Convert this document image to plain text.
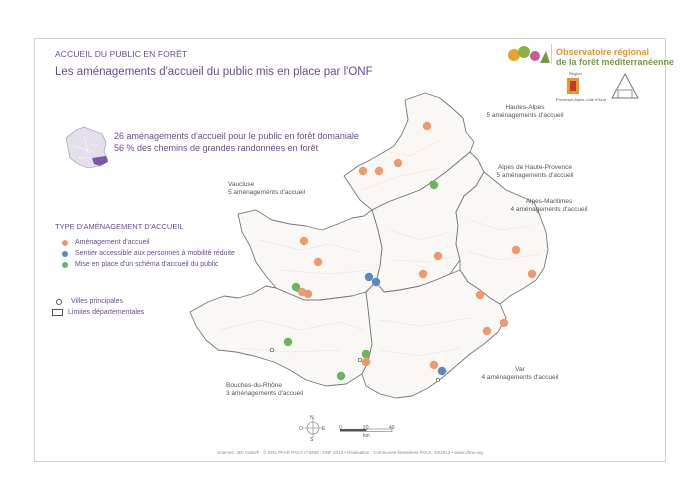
ACCUEIL DU PUBLIC EN FORÊT
Les aménagements d'accueil du public mis en place par l'ONF
Observatoire régional
de la forêt méditerranéenne
Région
Provence-Alpes-Côte d'Azur
26 aménagements d'accueil pour le public en forêt domaniale
56 % des chemins de grandes randonnées en forêt
TYPE D'AMÉNAGEMENT D'ACCUEIL
Aménagement d'accueil
Sentier accessible aux personnes à mobilité réduite
Mise en place d'un schéma d'accueil du public
Villes principales
Limites départementales
N
O	E
S
0	20	40
km
Hautes-Alpes
5 aménagements d'accueil
Alpes de Haute-Provence
5 aménagements d'accueil
Alpes-Maritimes
4 aménagements d'accueil
Vaucluse
5 aménagements d'accueil
Bouches-du-Rhône
3 aménagements d'accueil
Var
4 aménagements d'accueil
Sources : BD Carto® - © IGN, PFAR PACA n°8450 ; ONF 2013 • Réalisation : Communes forestières PACA, 10/2013 • www.ofme.org
